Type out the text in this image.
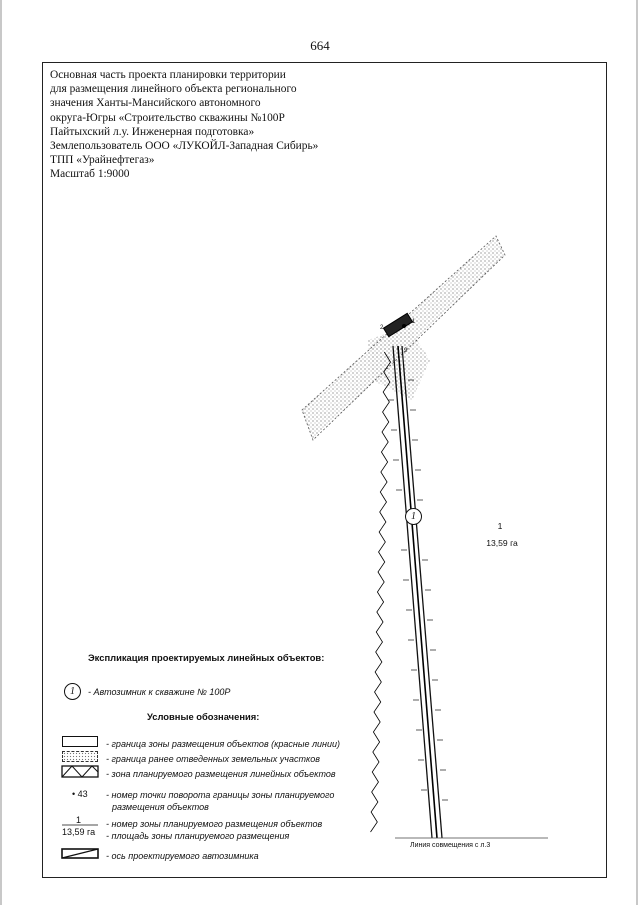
664
Основная часть проекта планировки территории
для размещения линейного объекта регионального
значения Ханты-Мансийского автономного
округа-Югры «Строительство скважины №100Р
Пайтыхский л.у. Инженерная подготовка»
Землепользователь ООО «ЛУКОЙЛ-Западная Сибирь»
ТПП «Урайнефтегаз»
Масштаб 1:9000
1
2
9
1
1
13,59 га
Линия совмещения с л.3
Экспликация проектируемых линейных объектов:
1	- Автозимник к скважине № 100Р
Условные обозначения:
- граница зоны размещения объектов (красные линии)
- граница ранее отведенных земельных участков
- зона планируемого размещения линейных объектов
• 43 - номер точки поворота границы зоны планируемого
размещения объектов
1
13,59 га
- номер зоны планируемого размещения объектов
- площадь зоны планируемого размещения
- ось проектируемого автозимника
